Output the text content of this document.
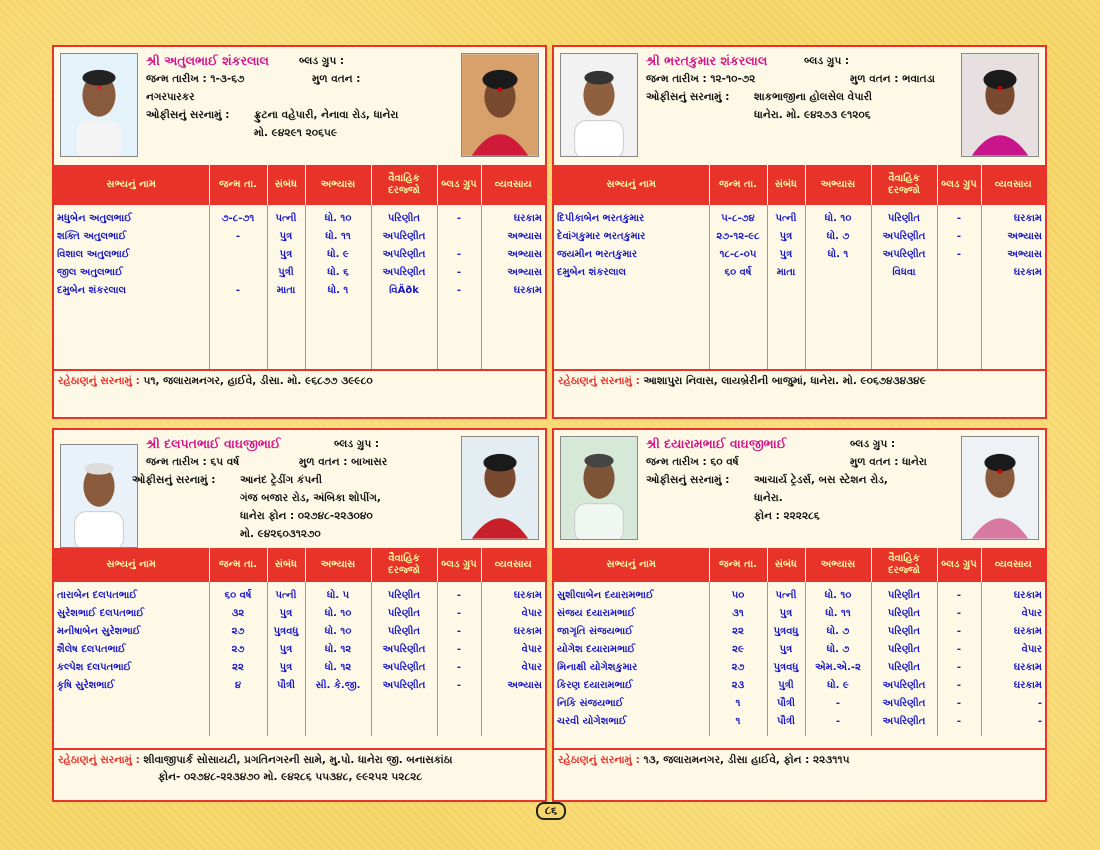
શ્રી અતુલભાઈ શંકરલાલ	બ્લડ ગ્રુપ :
જન્મ તારીખ : ૧-૩-૬૭	મુળ વતન :
નગરપારકર
ઓફીસનું સરનામું : ફ્રુટના વહેપારી, નેનાવા રોડ, ધાનેરા
મો. ૯૪૨૯૧ ૨૦૬૫૯
સભ્યનું નામ	જન્મ તા.	સંબંધ	અભ્યાસ	વૈવાહિક દરજ્જો	બ્લડ ગ્રુપ	વ્યવસાય
મધુબેન અતુલભાઈ	૭-૮-૭૧	પત્ની	ધો. ૧૦	પરિણીત	-	ઘરકામ
શક્તિ અતુલભાઈ	-	પુત્ર	ધો. ૧૧	અપરિણીત		અભ્યાસ
વિશાલ અતુલભાઈ		પુત્ર	ધો. ૯	અપરિણીત	-	અભ્યાસ
જીલ અતુલભાઈ		પુત્રી	ધો. ૬	અપરિણીત	-	અભ્યાસ
દમુબેન શંકરલાલ	-	માતા	ધો. ૧	વિÄðk	-	ઘરકામ

રહેઠાણનું સરનામું : ૫૧, જલારામનગર, હાઈવે, ડીસા. મો. ૯૬૮૭૭ ૩૯૯૮૦
શ્રી ભરતકુમાર શંકરલાલ	બ્લડ ગ્રુપ :
જન્મ તારીખ : ૧૨-૧૦-૭૨	મુળ વતન : ભવાતડા
ઓફીસનું સરનામું : શાકભાજીના હોલસેલ વેપારી
ધાનેરા. મો. ૯૪૨૭૩ ૯૧૨૦૬
સભ્યનું નામ	જન્મ તા.	સંબંધ	અભ્યાસ	વૈવાહિક દરજ્જો	બ્લડ ગ્રુપ	વ્યવસાય
દિપીકાબેન ભરતકુમાર	૫-૮-૭૪	પત્ની	ધો. ૧૦	પરિણીત	-	ઘરકામ
દેવાંગકુમાર ભરતકુમાર	૨૭-૧૨-૯૮	પુત્ર	ધો. ૭	અપરિણીત	-	અભ્યાસ
જયમીન ભરતકુમાર	૧૮-૮-૦૫	પુત્ર	ધો. ૧	અપરિણીત	-	અભ્યાસ
દમુબેન શંકરલાલ	૬૦ વર્ષ	માતા		વિધવા		ઘરકામ

રહેઠાણનું સરનામું : આશાપુરા નિવાસ, લાયબ્રેરીની બાજુમાં, ધાનેરા. મો. ૯૦૬૭૪૩૪૩૪૯
શ્રી દલપતભાઈ વાઘજીભાઈ	બ્લડ ગ્રુપ :
જન્મ તારીખ : ૬૫ વર્ષ	મુળ વતન : બાખાસર
ઓફીસનું સરનામું : આનંદ ટ્રેડીંગ કંપની
ગંજ બજાર રોડ, અંબિકા શોપીંગ,
ધાનેરા ફોન : ૦૨૭૪૮-૨૨૩૦૪૦
મો. ૯૪૨૬૦૩૧૨૭૦
સભ્યનું નામ	જન્મ તા.	સંબંધ	અભ્યાસ	વૈવાહિક દરજ્જો	બ્લડ ગ્રુપ	વ્યવસાય
તારાબેન દલપતભાઈ	૬૦ વર્ષ	પત્ની	ધો. ૫	પરિણીત	-	ઘરકામ
સુરેશભાઈ દલપતભાઈ	૩૨	પુત્ર	ધો. ૧૦	પરિણીત	-	વેપાર
મનીષાબેન સુરેશભાઈ	૨૭	પુત્રવધુ	ધો. ૧૦	પરિણીત	-	ઘરકામ
શૈલેષ દલપતભાઈ	૨૭	પુત્ર	ધો. ૧૨	અપરિણીત	-	વેપાર
કલ્પેશ દલપતભાઈ	૨૨	પુત્ર	ધો. ૧૨	અપરિણીત	-	વેપાર
કૃષિ સુરેશભાઈ	૪	પૌત્રી	સી. કે.જી.	અપરિણીત	-	અભ્યાસ

રહેઠાણનું સરનામું : શીવાજીપાર્ક સોસાયટી, પ્રગતિનગરની સામે, મુ.પો. ધાનેરા જી. બનાસકાંઠા
ફોન- ૦૨૭૪૮-૨૨૩૪૭૦ મો. ૯૪૨૮૬ ૫૫૩૪૮, ૯૯૨૫૨ ૫૨૮૨૮
શ્રી દયારામભાઈ વાઘજીભાઈ	બ્લડ ગ્રુપ :
જન્મ તારીખ : ૬૦ વર્ષ	મુળ વતન : ધાનેરા
ઓફીસનું સરનામું : આચાર્ય ટ્રેડર્સ, બસ સ્ટેશન રોડ,
ધાનેરા.
ફોન : ૨૨૨૨૮૬
સભ્યનું નામ	જન્મ તા.	સંબંધ	અભ્યાસ	વૈવાહિક દરજ્જો	બ્લડ ગ્રુપ	વ્યવસાય
સુશીલાબેન દયારામભાઈ	૫૦	પત્ની	ધો. ૧૦	પરિણીત	-	ઘરકામ
સંજય દયારામભાઈ	૩૧	પુત્ર	ધો. ૧૧	પરિણીત	-	વેપાર
જાગૃતિ સંજયભાઈ	૨૨	પુત્રવધુ	ધો. ૭	પરિણીત	-	ઘરકામ
યોગેશ દયારામભાઈ	૨૯	પુત્ર	ધો. ૭	પરિણીત	-	વેપાર
મિનાક્ષી યોગેશકુમાર	૨૭	પુત્રવધુ	એમ.એ.-૨	પરિણીત	-	ઘરકામ
કિરણ દયારામભાઈ	૨૩	પુત્રી	ધો. ૯	અપરિણીત	-	ઘરકામ
નિકિ સંજયભાઈ	૧	પૌત્રી	-	અપરિણીત	-	-
ચરવી યોગેશભાઈ	૧	પૌત્રી	-	અપરિણીત	-	-

રહેઠાણનું સરનામું : ૧૩, જલારામનગર, ડીસા હાઈવે, ફોન : ૨૨૩૧૧૫
૮૬
